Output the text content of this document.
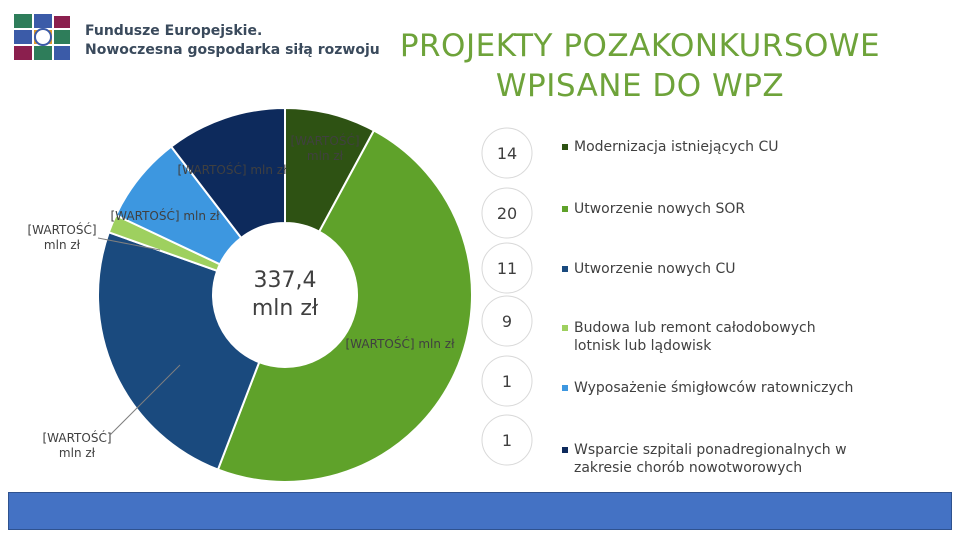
Fundusze Europejskie.
Nowoczesna gospodarka siłą rozwoju PROJEKTY POZAKONKURSOWE
WPISANE DO WPZ
337,4
mln zł
[WARTOŚĆ] mln zł
[WARTOŚĆ] mln zł
[WARTOŚĆ] mln zł
[WARTOŚĆ] mln zł
[WARTOŚĆ] mln zł
[WARTOŚĆ] mln zł
14
20
11
9
1
1
Modernizacja istniejących CU
Utworzenie nowych SOR
Utworzenie nowych CU
Budowa lub remont całodobowych lotnisk lub lądowisk
Wyposażenie śmigłowców ratowniczych
Wsparcie szpitali ponadregionalnych w zakresie chorób nowotworowych
